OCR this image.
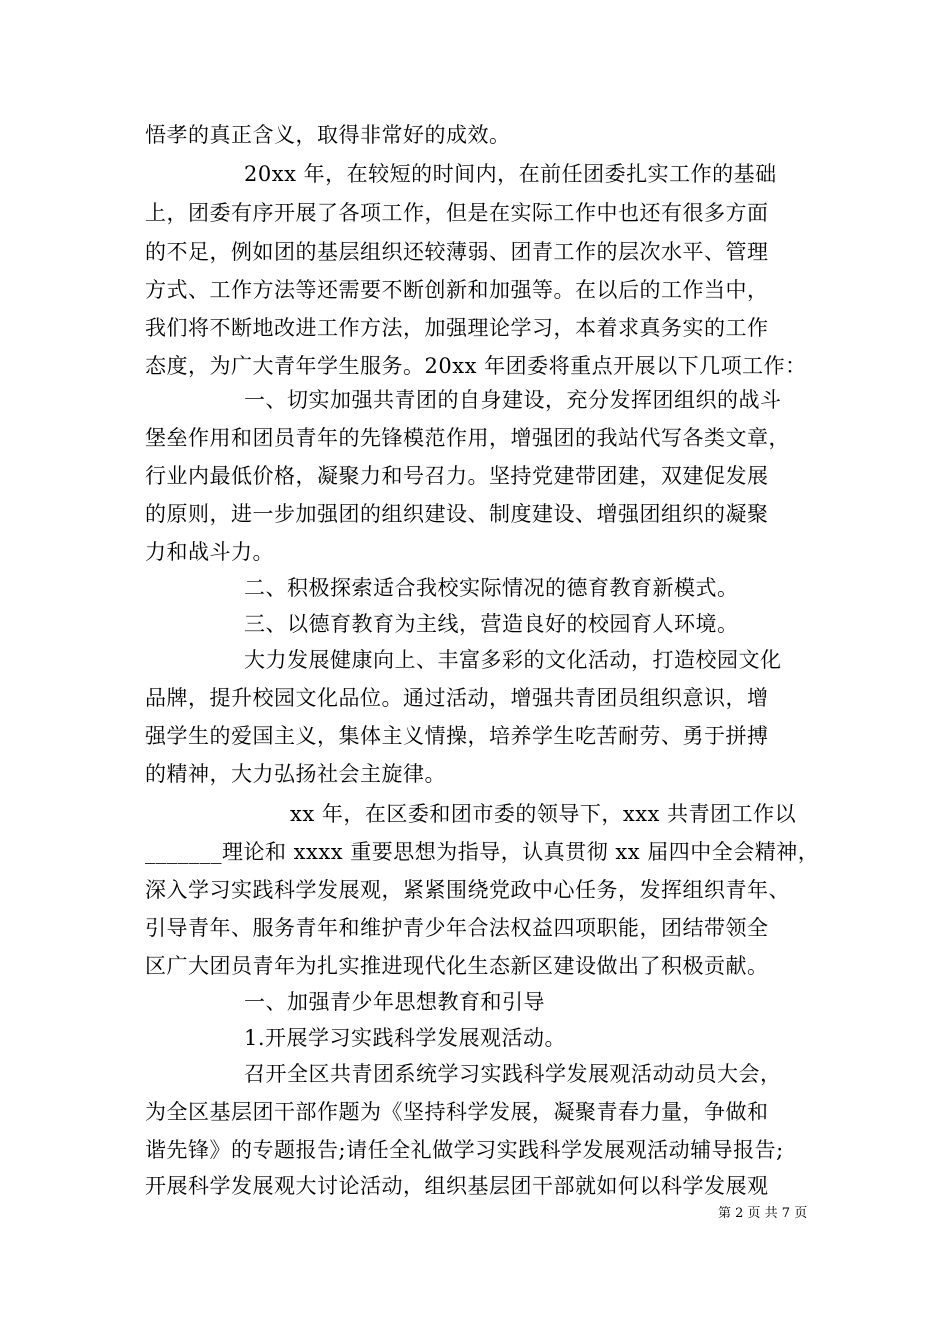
悟孝的真正含义，取得非常好的成效。
20xx 年，在较短的时间内，在前任团委扎实工作的基础
上，团委有序开展了各项工作，但是在实际工作中也还有很多方面
的不足，例如团的基层组织还较薄弱、团青工作的层次水平、管理
方式、工作方法等还需要不断创新和加强等。在以后的工作当中，
我们将不断地改进工作方法，加强理论学习，本着求真务实的工作
态度，为广大青年学生服务。20xx 年团委将重点开展以下几项工作：
一、切实加强共青团的自身建设，充分发挥团组织的战斗
堡垒作用和团员青年的先锋模范作用，增强团的我站代写各类文章，
行业内最低价格，凝聚力和号召力。坚持党建带团建，双建促发展
的原则，进一步加强团的组织建设、制度建设、增强团组织的凝聚
力和战斗力。
二、积极探索适合我校实际情况的德育教育新模式。
三、以德育教育为主线，营造良好的校园育人环境。
大力发展健康向上、丰富多彩的文化活动，打造校园文化
品牌，提升校园文化品位。通过活动，增强共青团员组织意识，增
强学生的爱国主义，集体主义情操，培养学生吃苦耐劳、勇于拼搏
的精神，大力弘扬社会主旋律。
xx 年，在区委和团市委的领导下，xxx 共青团工作以
_______理论和 xxxx 重要思想为指导，认真贯彻 xx 届四中全会精神，
深入学习实践科学发展观，紧紧围绕党政中心任务，发挥组织青年、
引导青年、服务青年和维护青少年合法权益四项职能，团结带领全
区广大团员青年为扎实推进现代化生态新区建设做出了积极贡献。
一、加强青少年思想教育和引导
1.开展学习实践科学发展观活动。
召开全区共青团系统学习实践科学发展观活动动员大会，
为全区基层团干部作题为《坚持科学发展，凝聚青春力量，争做和
谐先锋》的专题报告;请任全礼做学习实践科学发展观活动辅导报告;
开展科学发展观大讨论活动，组织基层团干部就如何以科学发展观
第 2 页 共 7 页
